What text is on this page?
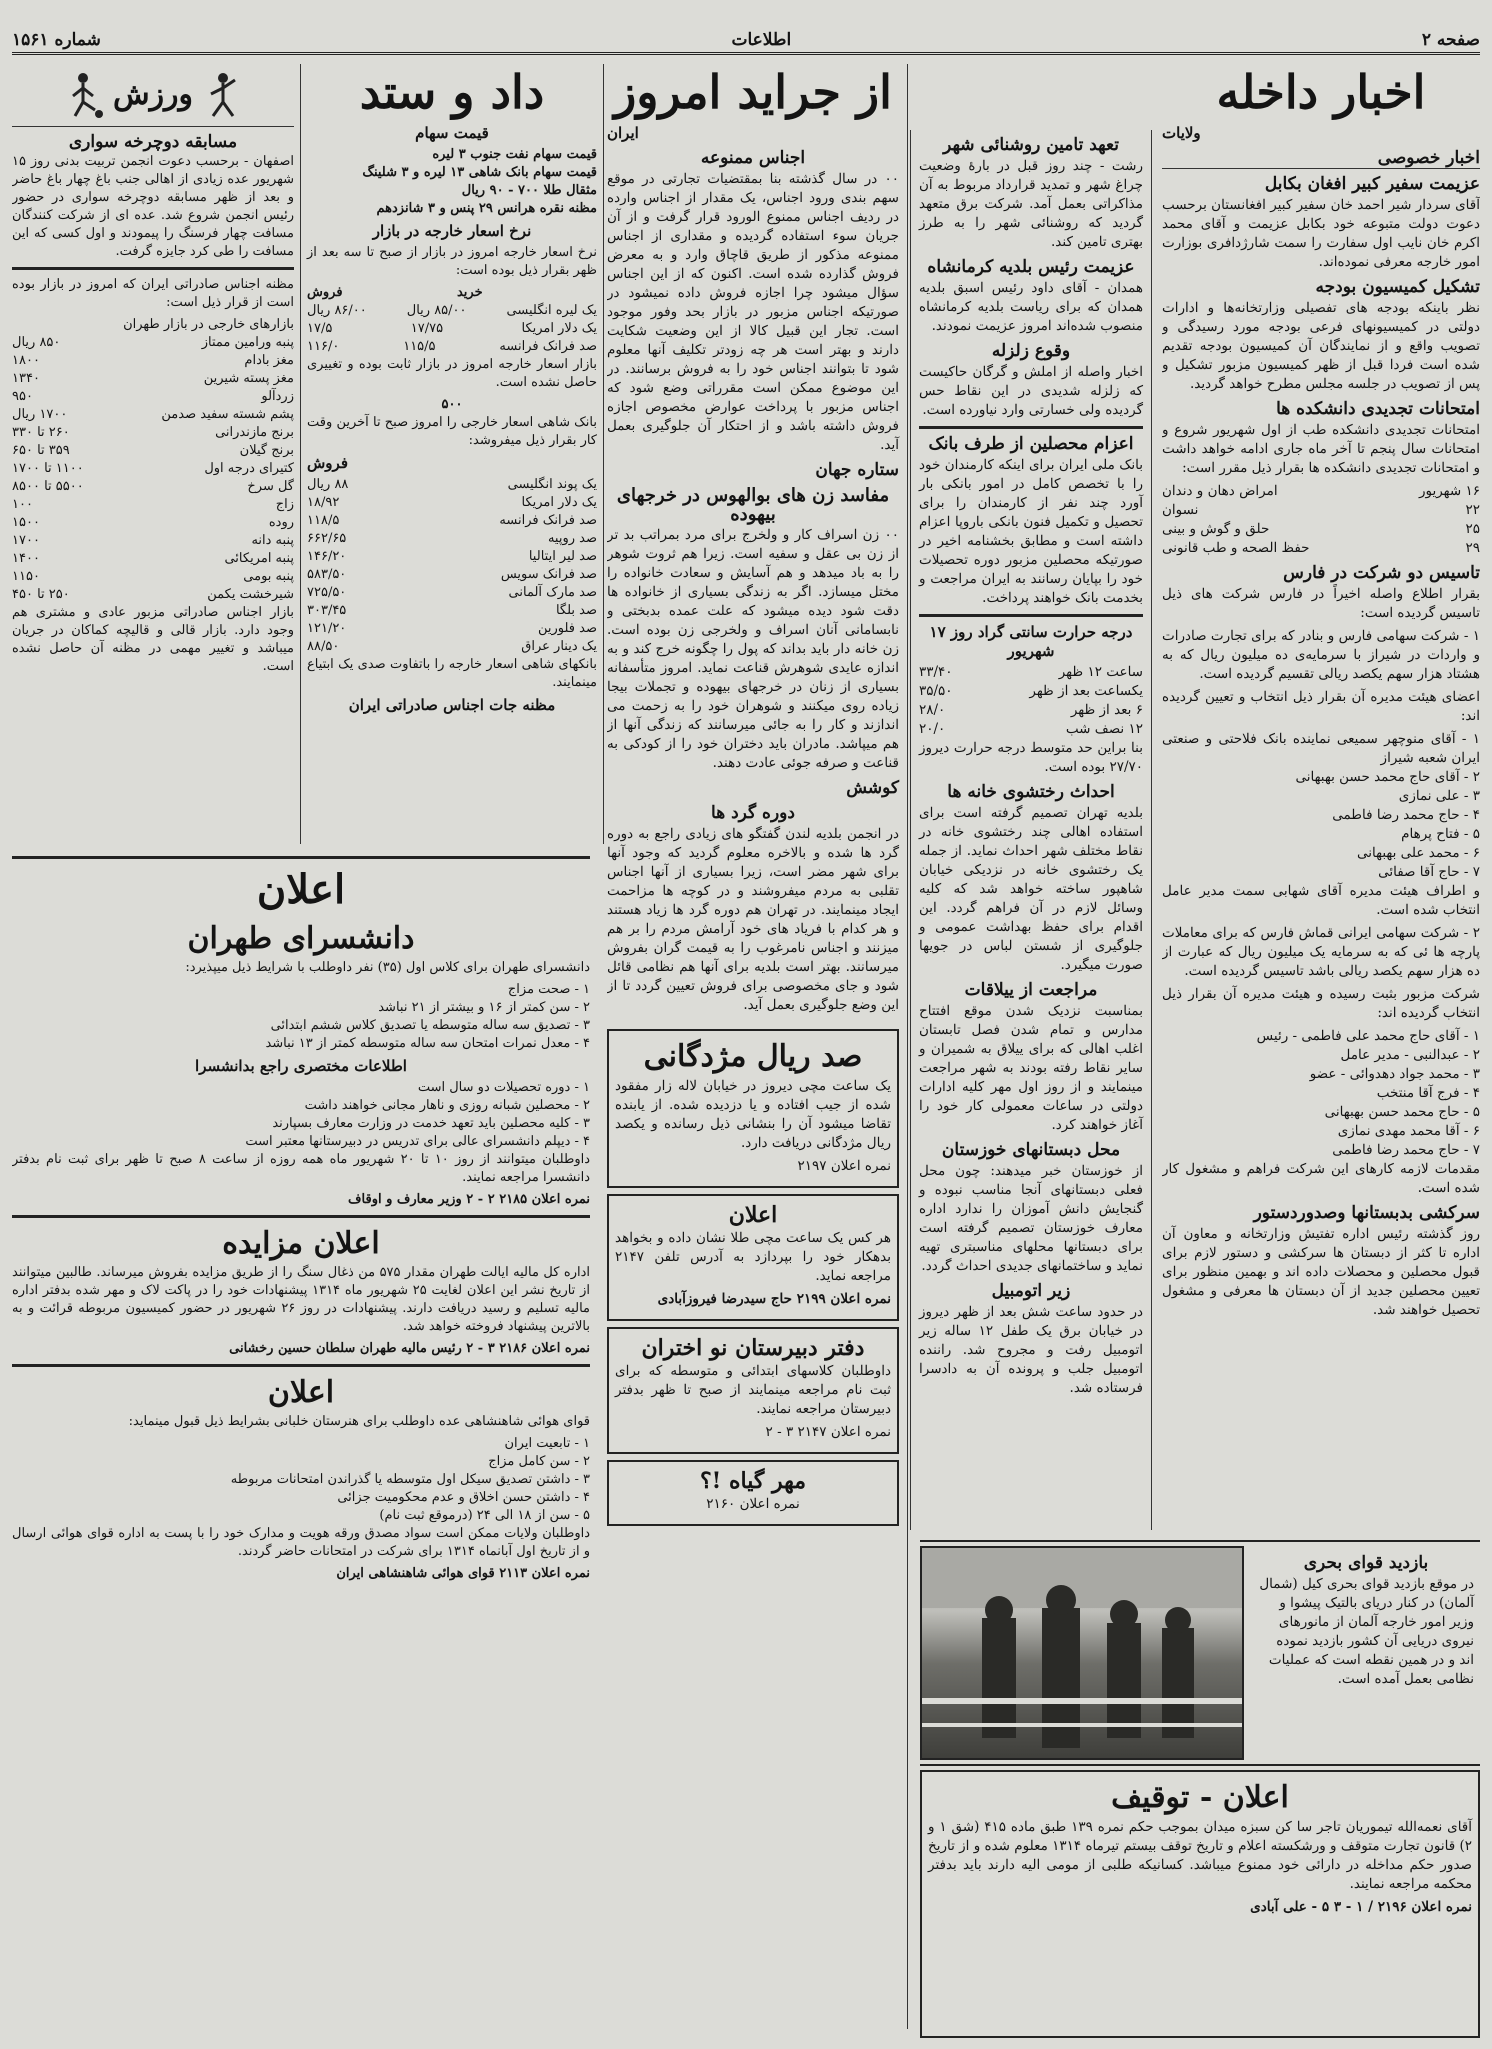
صفحه ۲
اطلاعات
شماره ۱۵۶۱
اخبار داخله
ولایات
اخبار خصوصی
عزیمت سفیر کبیر افغان بکابل

آقای سردار شیر احمد خان سفیر کبیر افغانستان برحسب دعوت دولت متبوعه خود بکابل عزیمت و آقای محمد اکرم خان نایب اول سفارت را سمت شارژدافری بوزارت امور خارجه معرفی نموده‌اند.

تشکیل کمیسیون بودجه

نظر باینکه بودجه های تفصیلی وزارتخانه‌ها و ادارات دولتی در کمیسیونهای فرعی بودجه مورد رسیدگی و تصویب واقع و از نمایندگان آن کمیسیون بودجه تقدیم شده است فردا قبل از ظهر کمیسیون مزبور تشکیل و پس از تصویب در جلسه مجلس مطرح خواهد گردید.

امتحانات تجدیدی دانشکده ها

امتحانات تجدیدی دانشکده طب از اول شهریور شروع و امتحانات سال پنجم تا آخر ماه جاری ادامه خواهد داشت و امتحانات تجدیدی دانشکده ها بقرار ذیل مقرر است:

۱۶ شهریور
امراض دهان و دندان
۲۲
نسوان
۲۵
حلق و گوش و بینی
۲۹
حفظ الصحه و طب قانونی
تاسیس دو شرکت در فارس

بقرار اطلاع واصله اخیراً در فارس شرکت های ذیل تاسیس گردیده است:

۱ - شرکت سهامی فارس و بنادر که برای تجارت صادرات و واردات در شیراز با سرمایه‌ی ده میلیون ریال که به هشتاد هزار سهم یکصد ریالی تقسیم گردیده است.

اعضای هیئت مدیره آن بقرار ذیل انتخاب و تعیین گردیده اند:

۱ - آقای منوچهر سمیعی نماینده بانک فلاحتی و صنعتی ایران شعبه شیراز
۲ - آقای حاج محمد حسن بهبهانی
۳ - علی نمازی
۴ - حاج محمد رضا فاطمی
۵ - فتاح پرهام
۶ - محمد علی بهبهانی
۷ - حاج آقا صفائی

و اطراف هیئت مدیره آقای شهابی سمت مدیر عامل انتخاب شده است.

۲ - شرکت سهامی ایرانی قماش فارس که برای معاملات پارچه ها ئی که به سرمایه یک میلیون ریال که عبارت از ده هزار سهم یکصد ریالی باشد تاسیس گردیده است.

شرکت مزبور بثبت رسیده و هیئت مدیره آن بقرار ذیل انتخاب گردیده اند:

۱ - آقای حاج محمد علی فاطمی - رئیس
۲ - عبدالنبی - مدیر عامل
۳ - محمد جواد دهدوائی - عضو
۴ - فرج آقا منتخب
۵ - حاج محمد حسن بهبهانی
۶ - آقا محمد مهدی نمازی
۷ - حاج محمد رضا فاطمی

مقدمات لازمه کارهای این شرکت فراهم و مشغول کار شده است.

سرکشی بدبستانها وصدوردستور

روز گذشته رئیس اداره تفتیش وزارتخانه و معاون آن اداره تا کثر از دبستان ها سرکشی و دستور لازم برای قبول محصلین و محصلات داده اند و بهمین منظور برای تعیین محصلین جدید از آن دبستان ها معرفی و مشغول تحصیل خواهند شد.

بازدید قوای بحری

در موقع بازدید قوای بحری کیل (شمال آلمان) در کنار دریای بالتیک پیشوا و وزیر امور خارجه آلمان از مانورهای نیروی دریایی آن کشور بازدید نموده اند و در همین نقطه است که عملیات نظامی بعمل آمده است.

اعلان - توقیف

آقای نعمه‌الله تیموریان تاجر سا کن سبزه میدان بموجب حکم نمره ۱۳۹ طبق ماده ۴۱۵ (شق ۱ و ۲) قانون تجارت متوقف و ورشکسته اعلام و تاریخ توقف بیستم تیرماه ۱۳۱۴ معلوم شده و از تاریخ صدور حکم مداخله در دارائی خود ممنوع میباشد. کسانیکه طلبی از مومی الیه دارند باید بدفتر محکمه مراجعه نمایند.

نمره اعلان ۲۱۹۶ / ۱ - ۳ ۵ - علی آبادی
تعهد تامین روشنائی شهر

رشت - چند روز قبل در بارۀ وضعیت چراغ شهر و تمدید قرارداد مربوط به آن مذاکراتی بعمل آمد. شرکت برق متعهد گردید که روشنائی شهر را به طرز بهتری تامین کند.

عزیمت رئیس بلدیه کرمانشاه

همدان - آقای داود رئیس اسبق بلدیه همدان که برای ریاست بلدیه کرمانشاه منصوب شده‌اند امروز عزیمت نمودند.

وقوع زلزله

اخبار واصله از املش و گرگان حاکیست که زلزله شدیدی در این نقاط حس گردیده ولی خسارتی وارد نیاورده است.

اعزام محصلین از طرف بانک

بانک ملی ایران برای اینکه کارمندان خود را با تخصص کامل در امور بانکی بار آورد چند نفر از کارمندان را برای تحصیل و تکمیل فنون بانکی باروپا اعزام داشته است و مطابق بخشنامه اخیر در صورتیکه محصلین مزبور دوره تحصیلات خود را بپایان رسانند به ایران مراجعت و بخدمت بانک خواهند پرداخت.

درجه حرارت سانتی گراد روز ۱۷ شهریور
ساعت ۱۲ ظهر
۳۳/۴۰
یکساعت بعد از ظهر
۳۵/۵۰
۶ بعد از ظهر
۲۸/۰
۱۲ نصف شب
۲۰/۰

بنا براین حد متوسط درجه حرارت دیروز ۲۷/۷۰ بوده است.

احداث رختشوی خانه ها

بلدیه تهران تصمیم گرفته است برای استفاده اهالی چند رختشوی خانه در نقاط مختلف شهر احداث نماید. از جمله یک رختشوی خانه در نزدیکی خیابان شاهپور ساخته خواهد شد که کلیه وسائل لازم در آن فراهم گردد. این اقدام برای حفظ بهداشت عمومی و جلوگیری از شستن لباس در جویها صورت میگیرد.

مراجعت از ییلاقات

بمناسبت نزدیک شدن موقع افتتاح مدارس و تمام شدن فصل تابستان اغلب اهالی که برای ییلاق به شمیران و سایر نقاط رفته بودند به شهر مراجعت مینمایند و از روز اول مهر کلیه ادارات دولتی در ساعات معمولی کار خود را آغاز خواهند کرد.

محل دبستانهای خوزستان

از خوزستان خبر میدهند: چون محل فعلی دبستانهای آنجا مناسب نبوده و گنجایش دانش آموزان را ندارد اداره معارف خوزستان تصمیم گرفته است برای دبستانها محلهای مناسبتری تهیه نماید و ساختمانهای جدیدی احداث گردد.

زیر اتومبیل

در حدود ساعت شش بعد از ظهر دیروز در خیابان برق یک طفل ۱۲ ساله زیر اتومبیل رفت و مجروح شد. راننده اتومبیل جلب و پرونده آن به دادسرا فرستاده شد.

از جراید امروز
ایران
اجناس ممنوعه

۰۰ در سال گذشته بنا بمقتضیات تجارتی در موقع سهم بندی ورود اجناس، یک مقدار از اجناس وارده در ردیف اجناس ممنوع الورود قرار گرفت و از آن جریان سوء استفاده گردیده و مقداری از اجناس ممنوعه مذکور از طریق قاچاق وارد و به معرض فروش گذارده شده است. اکنون که از این اجناس سؤال میشود چرا اجازه فروش داده نمیشود در صورتیکه اجناس مزبور در بازار بحد وفور موجود است. تجار این قبیل کالا از این وضعیت شکایت دارند و بهتر است هر چه زودتر تکلیف آنها معلوم شود تا بتوانند اجناس خود را به فروش برسانند. در این موضوع ممکن است مقرراتی وضع شود که اجناس مزبور با پرداخت عوارض مخصوص اجازه فروش داشته باشد و از احتکار آن جلوگیری بعمل آید.

ستاره جهان
مفاسد زن های بوالهوس در خرجهای بیهوده

۰۰ زن اسراف کار و ولخرج برای مرد بمراتب بد تر از زن بی عقل و سفیه است. زیرا هم ثروت شوهر را به باد میدهد و هم آسایش و سعادت خانواده را مختل میسازد. اگر به زندگی بسیاری از خانواده ها دقت شود دیده میشود که علت عمده بدبختی و نابسامانی آنان اسراف و ولخرجی زن بوده است. زن خانه دار باید بداند که پول را چگونه خرج کند و به اندازه عایدی شوهرش قناعت نماید. امروز متأسفانه بسیاری از زنان در خرجهای بیهوده و تجملات بیجا زیاده روی میکنند و شوهران خود را به زحمت می اندازند و کار را به جائی میرسانند که زندگی آنها از هم میپاشد. مادران باید دختران خود را از کودکی به قناعت و صرفه جوئی عادت دهند.

کوشش
دوره گرد ها

در انجمن بلدیه لندن گفتگو های زیادی راجع به دوره گرد ها شده و بالاخره معلوم گردید که وجود آنها برای شهر مضر است، زیرا بسیاری از آنها اجناس تقلبی به مردم میفروشند و در کوچه ها مزاحمت ایجاد مینمایند. در تهران هم دوره گرد ها زیاد هستند و هر کدام با فریاد های خود آرامش مردم را بر هم میزنند و اجناس نامرغوب را به قیمت گران بفروش میرسانند. بهتر است بلدیه برای آنها هم نظامی قائل شود و جای مخصوصی برای فروش تعیین گردد تا از این وضع جلوگیری بعمل آید.

صد ریال مژدگانی

یک ساعت مچی دیروز در خیابان لاله زار مفقود شده از جیب افتاده و یا دزدیده شده. از یابنده تقاضا میشود آن را بنشانی ذیل رسانده و یکصد ریال مژدگانی دریافت دارد.

نمره اعلان ۲۱۹۷

اعلان

هر کس یک ساعت مچی طلا نشان داده و بخواهد بدهکار خود را بپردازد به آدرس تلفن ۲۱۴۷ مراجعه نماید.

نمره اعلان ۲۱۹۹ حاج سیدرضا فیروزآبادی

دفتر دبیرستان نو اختران

داوطلبان کلاسهای ابتدائی و متوسطه که برای ثبت نام مراجعه مینمایند از صبح تا ظهر بدفتر دبیرستان مراجعه نمایند.

نمره اعلان ۲۱۴۷ ۳ - ۲

مهر گیاه !؟

نمره اعلان ۲۱۶۰

ورزش
مسابقه دوچرخه سواری

اصفهان - برحسب دعوت انجمن تربیت بدنی روز ۱۵ شهریور عده زیادی از اهالی جنب باغ چهار باغ حاضر و بعد از ظهر مسابقه دوچرخه سواری در حضور رئیس انجمن شروع شد. عده ای از شرکت کنندگان مسافت چهار فرسنگ را پیمودند و اول کسی که این مسافت را طی کرد جایزه گرفت.

مظنه اجناس صادراتی ایران که امروز در بازار بوده است از قرار ذیل است:

بازارهای خارجی در بازار طهران
پنبه ورامین ممتاز
۸۵۰ ریال
مغز بادام
۱۸۰۰
مغز پسته شیرین
۱۳۴۰
زردآلو
۹۵۰
پشم شسته سفید صدمن
۱۷۰۰ ریال
برنج مازندرانی
۲۶۰ تا ۳۳۰
برنج گیلان
۳۵۹ تا ۶۵۰
کتیرای درجه اول
۱۱۰۰ تا ۱۷۰۰
گل سرخ
۵۵۰۰ تا ۸۵۰۰
زاج
۱۰۰
روده
۱۵۰۰
پنبه دانه
۱۷۰۰
پنبه امریکائی
۱۴۰۰
پنبه بومی
۱۱۵۰
شیرخشت یکمن
۲۵۰ تا ۴۵۰

بازار اجناس صادراتی مزبور عادی و مشتری هم وجود دارد. بازار قالی و قالیچه کماکان در جریان میباشد و تغییر مهمی در مظنه آن حاصل نشده است.

داد و ستد
قیمت سهام
قیمت سهام نفت جنوب ۳ لیره
قیمت سهام بانک شاهی ۱۳ لیره و ۳ شلینگ
مثقال طلا ۷۰۰ - ۹۰ ریال
مظنه نقره هرانس ۲۹ پنس و ۳ شانزدهم
نرخ اسعار خارجه در بازار

نرخ اسعار خارجه امروز در بازار از صبح تا سه بعد از ظهر بقرار ذیل بوده است:

خرید
فروش
یک لیره انگلیسی
۸۵/۰۰ ریال
۸۶/۰۰ ریال
یک دلار امریکا
۱۷/۷۵
۱۷/۵
صد فرانک فرانسه
۱۱۵/۵
۱۱۶/۰

بازار اسعار خارجه امروز در بازار ثابت بوده و تغییری حاصل نشده است.

۵۰۰

بانک شاهی اسعار خارجی را امروز صبح تا آخرین وقت کار بقرار ذیل میفروشد:

فروش
یک پوند انگلیسی
۸۸ ریال
یک دلار امریکا
۱۸/۹۲
صد فرانک فرانسه
۱۱۸/۵
صد روپیه
۶۶۲/۶۵
صد لیر ایتالیا
۱۴۶/۲۰
صد فرانک سویس
۵۸۳/۵۰
صد مارک آلمانی
۷۲۵/۵۰
صد بلگا
۳۰۳/۴۵
صد فلورین
۱۲۱/۲۰
یک دینار عراق
۸۸/۵۰

بانکهای شاهی اسعار خارجه را باتفاوت صدی یک ابتیاع مینمایند.

مظنه جات اجناس صادراتی ایران
اعلان
دانشسرای طهران

دانشسرای طهران برای کلاس اول (۳۵) نفر داوطلب با شرایط ذیل میپذیرد:

۱ - صحت مزاج
۲ - سن کمتر از ۱۶ و بیشتر از ۲۱ نباشد
۳ - تصدیق سه ساله متوسطه یا تصدیق کلاس ششم ابتدائی
۴ - معدل نمرات امتحان سه ساله متوسطه کمتر از ۱۳ نباشد
اطلاعات مختصری راجع بدانشسرا
۱ - دوره تحصیلات دو سال است
۲ - محصلین شبانه روزی و ناهار مجانی خواهند داشت
۳ - کلیه محصلین باید تعهد خدمت در وزارت معارف بسپارند
۴ - دیپلم دانشسرای عالی برای تدریس در دبیرستانها معتبر است

داوطلبان میتوانند از روز ۱۰ تا ۲۰ شهریور ماه همه روزه از ساعت ۸ صبح تا ظهر برای ثبت نام بدفتر دانشسرا مراجعه نمایند.

نمره اعلان ۲۱۸۵ ۲ - ۲ وزیر معارف و اوقاف

اعلان مزایده

اداره کل مالیه ایالت طهران مقدار ۵۷۵ من ذغال سنگ را از طریق مزایده بفروش میرساند. طالبین میتوانند از تاریخ نشر این اعلان لغایت ۲۵ شهریور ماه ۱۳۱۴ پیشنهادات خود را در پاکت لاک و مهر شده بدفتر اداره مالیه تسلیم و رسید دریافت دارند. پیشنهادات در روز ۲۶ شهریور در حضور کمیسیون مربوطه قرائت و به بالاترین پیشنهاد فروخته خواهد شد.

نمره اعلان ۲۱۸۶ ۳ - ۲ رئیس مالیه طهران سلطان حسین رخشانی

اعلان

قوای هوائی شاهنشاهی عده داوطلب برای هنرستان خلبانی بشرایط ذیل قبول مینماید:

۱ - تابعیت ایران
۲ - سن کامل مزاج
۳ - داشتن تصدیق سیکل اول متوسطه یا گذراندن امتحانات مربوطه
۴ - داشتن حسن اخلاق و عدم محکومیت جزائی
۵ - سن از ۱۸ الی ۲۴ (درموقع ثبت نام)

داوطلبان ولایات ممکن است سواد مصدق ورقه هویت و مدارک خود را با پست به اداره قوای هوائی ارسال و از تاریخ اول آبانماه ۱۳۱۴ برای شرکت در امتحانات حاضر گردند.

نمره اعلان ۲۱۱۳ قوای هوائی شاهنشاهی ایران
